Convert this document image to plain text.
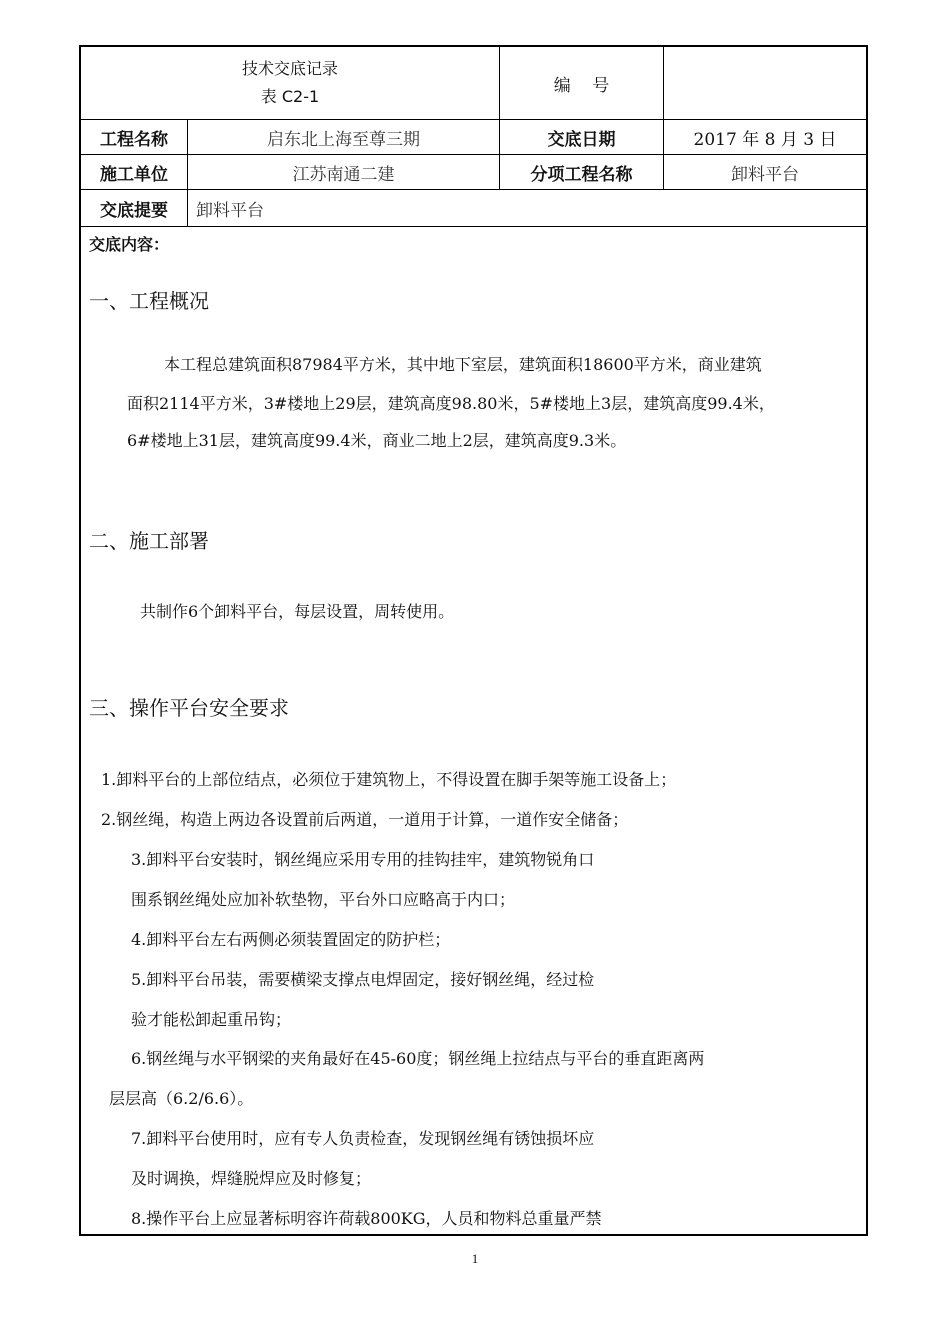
技术交底记录
表 C2-1
编    号
工程名称	启东北上海至尊三期	交底日期	2017 年 8 月 3 日
施工单位	江苏南通二建	分项工程名称	卸料平台
交底提要	卸料平台
交底内容：
一、工程概况
本工程总建筑面积87984平方米，其中地下室层，建筑面积18600平方米，商业建筑
面积2114平方米，3#楼地上29层，建筑高度98.80米，5#楼地上3层，建筑高度99.4米，
6#楼地上31层，建筑高度99.4米，商业二地上2层，建筑高度9.3米。
二、施工部署
共制作6个卸料平台，每层设置，周转使用。
三、操作平台安全要求
1.卸料平台的上部位结点，必须位于建筑物上，不得设置在脚手架等施工设备上；
2.钢丝绳，构造上两边各设置前后两道，一道用于计算，一道作安全储备；
3.卸料平台安装时，钢丝绳应采用专用的挂钩挂牢，建筑物锐角口
围系钢丝绳处应加补软垫物，平台外口应略高于内口；
4.卸料平台左右两侧必须装置固定的防护栏；
5.卸料平台吊装，需要横梁支撑点电焊固定，接好钢丝绳，经过检
验才能松卸起重吊钩；
6.钢丝绳与水平钢梁的夹角最好在45-60度；钢丝绳上拉结点与平台的垂直距离两
层层高（6.2/6.6）。
7.卸料平台使用时，应有专人负责检查，发现钢丝绳有锈蚀损坏应
及时调换，焊缝脱焊应及时修复；
8.操作平台上应显著标明容许荷载800KG，人员和物料总重量严禁
1
